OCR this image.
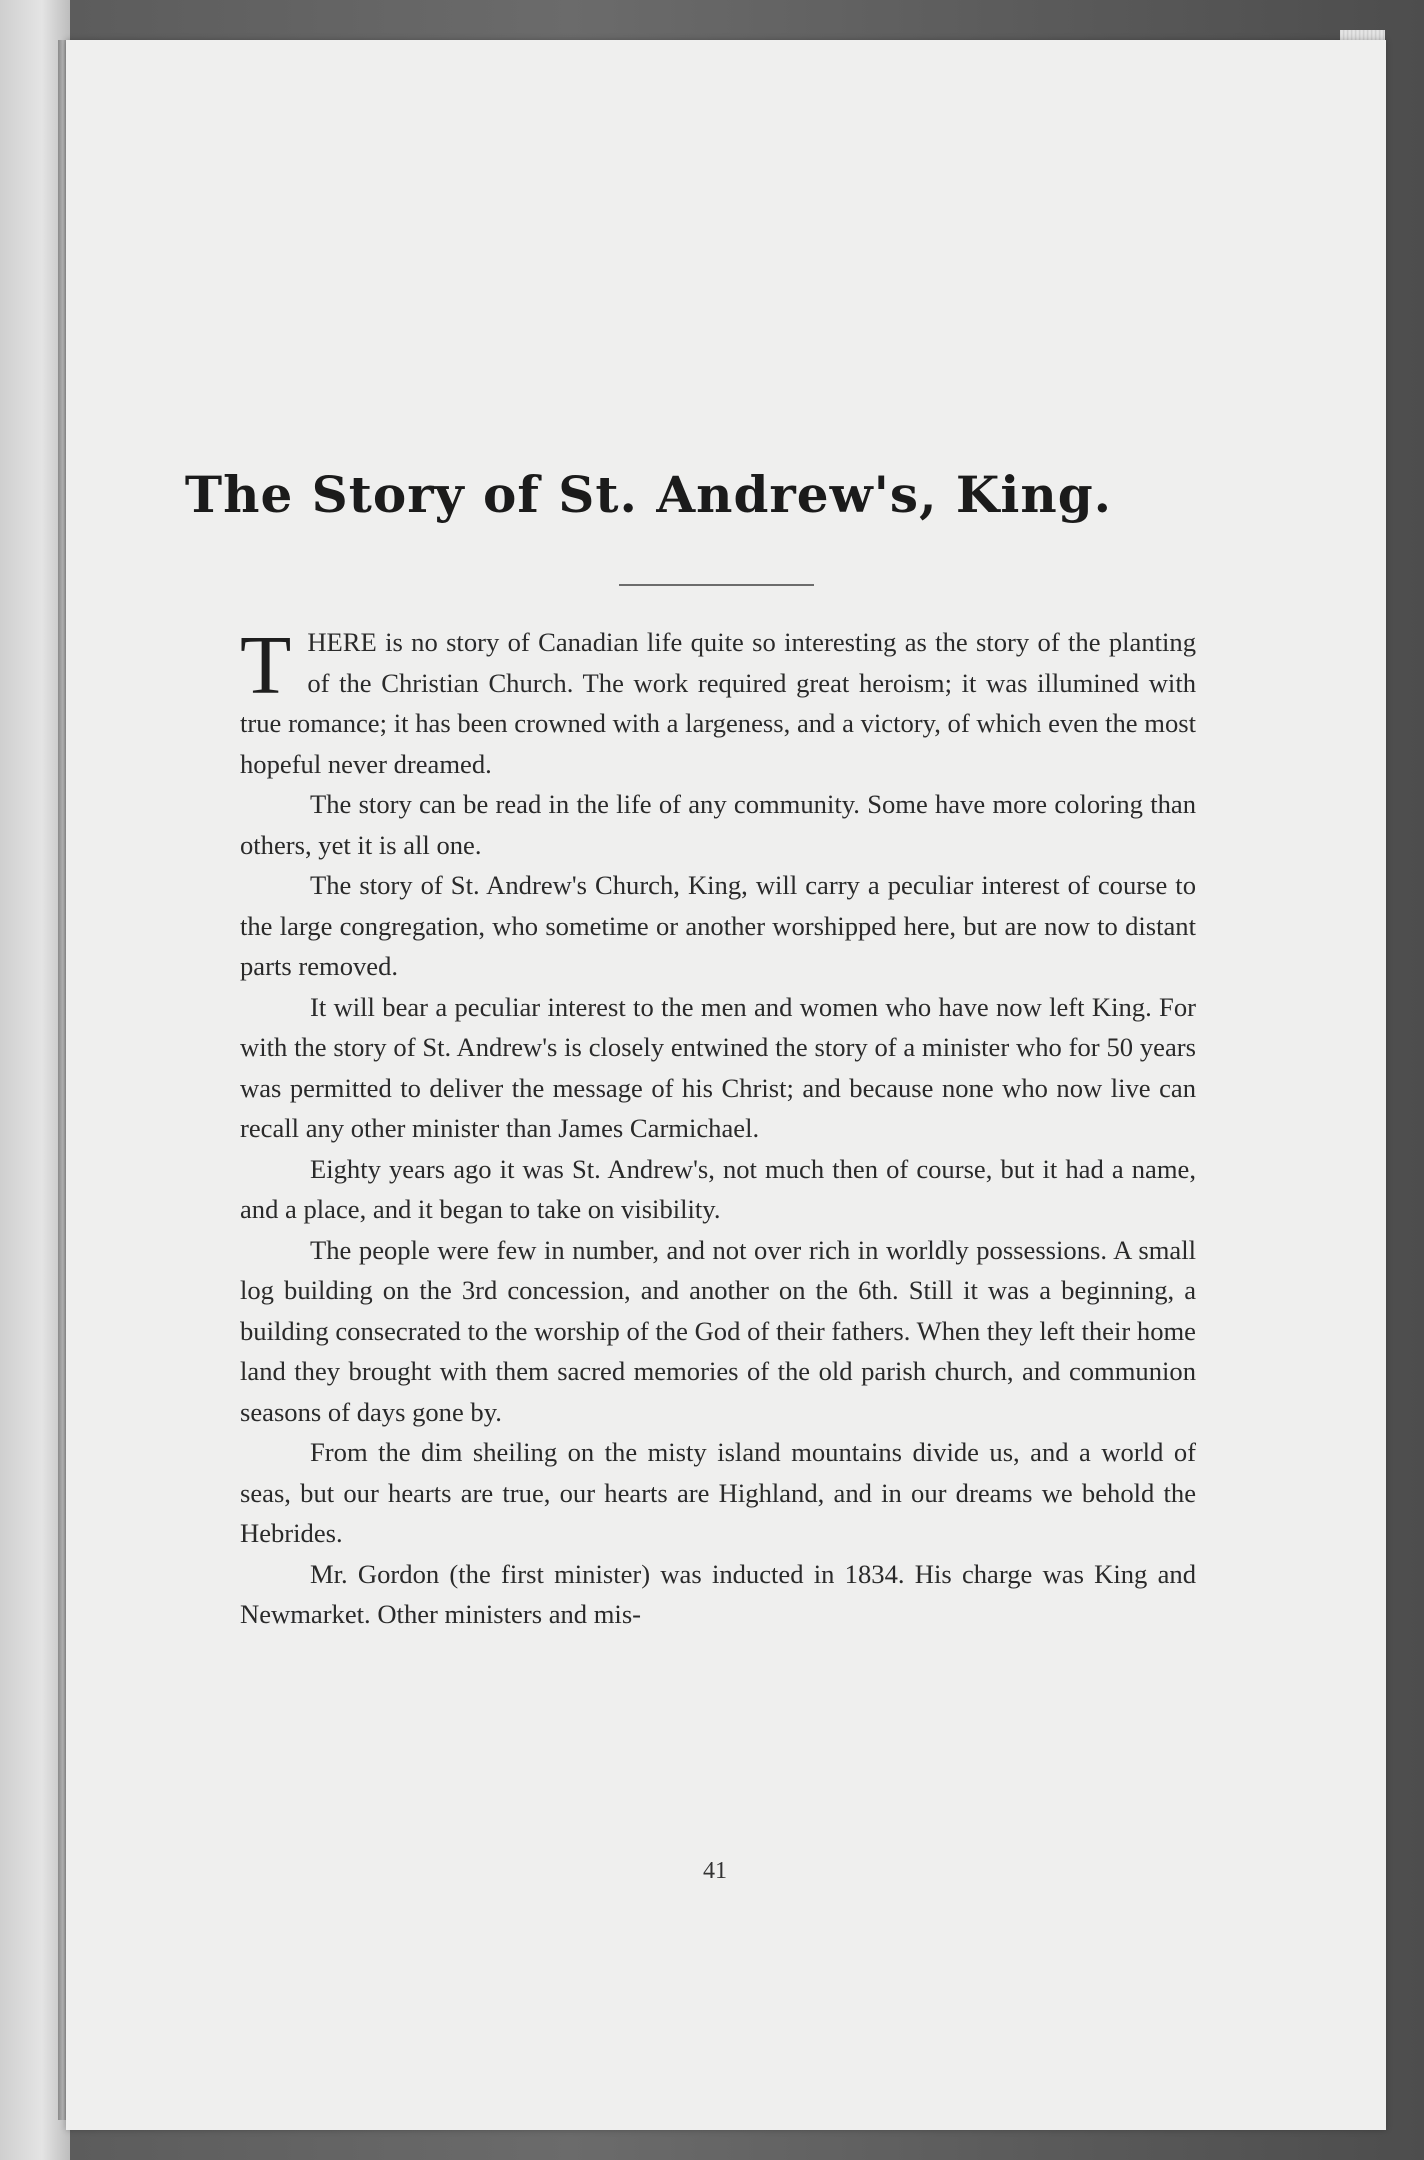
The Story of St. Andrew's, King.

THERE is no story of Canadian life quite so interesting as the story of the planting of the Christian Church. The work required great heroism; it was illumined with true romance; it has been crowned with a largeness, and a victory, of which even the most hopeful never dreamed.

The story can be read in the life of any community. Some have more coloring than others, yet it is all one.

The story of St. Andrew's Church, King, will carry a peculiar interest of course to the large congregation, who sometime or another worshipped here, but are now to distant parts removed.

It will bear a peculiar interest to the men and women who have now left King. For with the story of St. Andrew's is closely entwined the story of a minister who for 50 years was permitted to deliver the message of his Christ; and because none who now live can recall any other minister than James Carmichael.

Eighty years ago it was St. Andrew's, not much then of course, but it had a name, and a place, and it began to take on visibility.

The people were few in number, and not over rich in worldly possessions. A small log building on the 3rd concession, and another on the 6th. Still it was a beginning, a building consecrated to the worship of the God of their fathers. When they left their home land they brought with them sacred memories of the old parish church, and communion seasons of days gone by.

From the dim sheiling on the misty island mountains divide us, and a world of seas, but our hearts are true, our hearts are Highland, and in our dreams we behold the Hebrides.

Mr. Gordon (the first minister) was inducted in 1834. His charge was King and Newmarket. Other ministers and mis-

41
